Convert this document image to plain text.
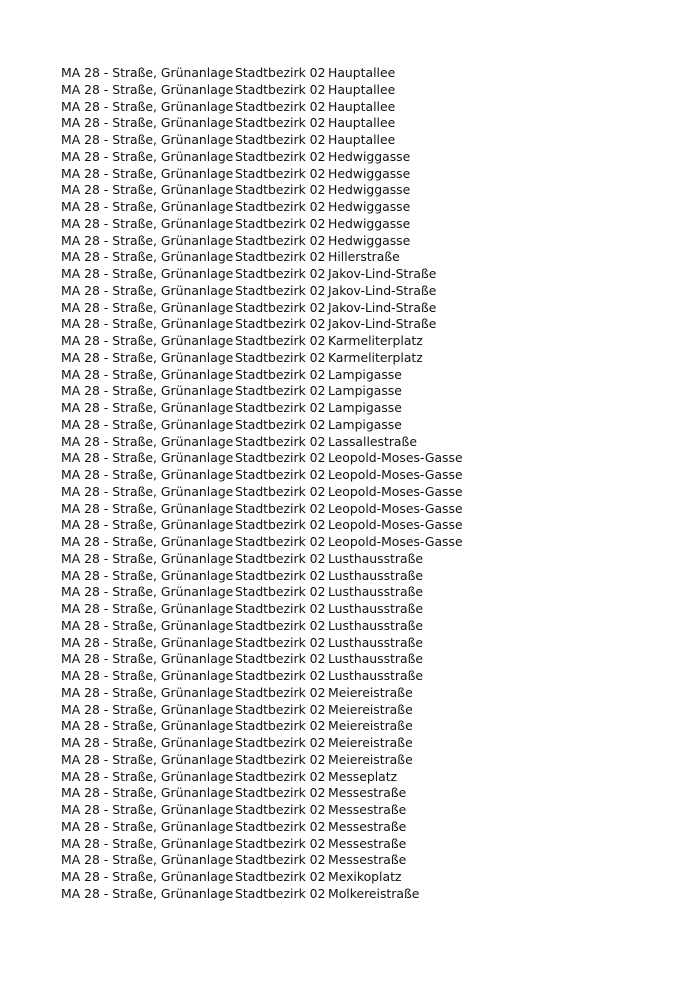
MA 28 - Straße, Grünanlage Stadtbezirk 02 Hauptallee
MA 28 - Straße, Grünanlage Stadtbezirk 02 Hauptallee
MA 28 - Straße, Grünanlage Stadtbezirk 02 Hauptallee
MA 28 - Straße, Grünanlage Stadtbezirk 02 Hauptallee
MA 28 - Straße, Grünanlage Stadtbezirk 02 Hauptallee
MA 28 - Straße, Grünanlage Stadtbezirk 02 Hedwiggasse
MA 28 - Straße, Grünanlage Stadtbezirk 02 Hedwiggasse
MA 28 - Straße, Grünanlage Stadtbezirk 02 Hedwiggasse
MA 28 - Straße, Grünanlage Stadtbezirk 02 Hedwiggasse
MA 28 - Straße, Grünanlage Stadtbezirk 02 Hedwiggasse
MA 28 - Straße, Grünanlage Stadtbezirk 02 Hedwiggasse
MA 28 - Straße, Grünanlage Stadtbezirk 02 Hillerstraße
MA 28 - Straße, Grünanlage Stadtbezirk 02 Jakov-Lind-Straße
MA 28 - Straße, Grünanlage Stadtbezirk 02 Jakov-Lind-Straße
MA 28 - Straße, Grünanlage Stadtbezirk 02 Jakov-Lind-Straße
MA 28 - Straße, Grünanlage Stadtbezirk 02 Jakov-Lind-Straße
MA 28 - Straße, Grünanlage Stadtbezirk 02 Karmeliterplatz
MA 28 - Straße, Grünanlage Stadtbezirk 02 Karmeliterplatz
MA 28 - Straße, Grünanlage Stadtbezirk 02 Lampigasse
MA 28 - Straße, Grünanlage Stadtbezirk 02 Lampigasse
MA 28 - Straße, Grünanlage Stadtbezirk 02 Lampigasse
MA 28 - Straße, Grünanlage Stadtbezirk 02 Lampigasse
MA 28 - Straße, Grünanlage Stadtbezirk 02 Lassallestraße
MA 28 - Straße, Grünanlage Stadtbezirk 02 Leopold-Moses-Gasse
MA 28 - Straße, Grünanlage Stadtbezirk 02 Leopold-Moses-Gasse
MA 28 - Straße, Grünanlage Stadtbezirk 02 Leopold-Moses-Gasse
MA 28 - Straße, Grünanlage Stadtbezirk 02 Leopold-Moses-Gasse
MA 28 - Straße, Grünanlage Stadtbezirk 02 Leopold-Moses-Gasse
MA 28 - Straße, Grünanlage Stadtbezirk 02 Leopold-Moses-Gasse
MA 28 - Straße, Grünanlage Stadtbezirk 02 Lusthausstraße
MA 28 - Straße, Grünanlage Stadtbezirk 02 Lusthausstraße
MA 28 - Straße, Grünanlage Stadtbezirk 02 Lusthausstraße
MA 28 - Straße, Grünanlage Stadtbezirk 02 Lusthausstraße
MA 28 - Straße, Grünanlage Stadtbezirk 02 Lusthausstraße
MA 28 - Straße, Grünanlage Stadtbezirk 02 Lusthausstraße
MA 28 - Straße, Grünanlage Stadtbezirk 02 Lusthausstraße
MA 28 - Straße, Grünanlage Stadtbezirk 02 Lusthausstraße
MA 28 - Straße, Grünanlage Stadtbezirk 02 Meiereistraße
MA 28 - Straße, Grünanlage Stadtbezirk 02 Meiereistraße
MA 28 - Straße, Grünanlage Stadtbezirk 02 Meiereistraße
MA 28 - Straße, Grünanlage Stadtbezirk 02 Meiereistraße
MA 28 - Straße, Grünanlage Stadtbezirk 02 Meiereistraße
MA 28 - Straße, Grünanlage Stadtbezirk 02 Messeplatz
MA 28 - Straße, Grünanlage Stadtbezirk 02 Messestraße
MA 28 - Straße, Grünanlage Stadtbezirk 02 Messestraße
MA 28 - Straße, Grünanlage Stadtbezirk 02 Messestraße
MA 28 - Straße, Grünanlage Stadtbezirk 02 Messestraße
MA 28 - Straße, Grünanlage Stadtbezirk 02 Messestraße
MA 28 - Straße, Grünanlage Stadtbezirk 02 Mexikoplatz
MA 28 - Straße, Grünanlage Stadtbezirk 02 Molkereistraße
